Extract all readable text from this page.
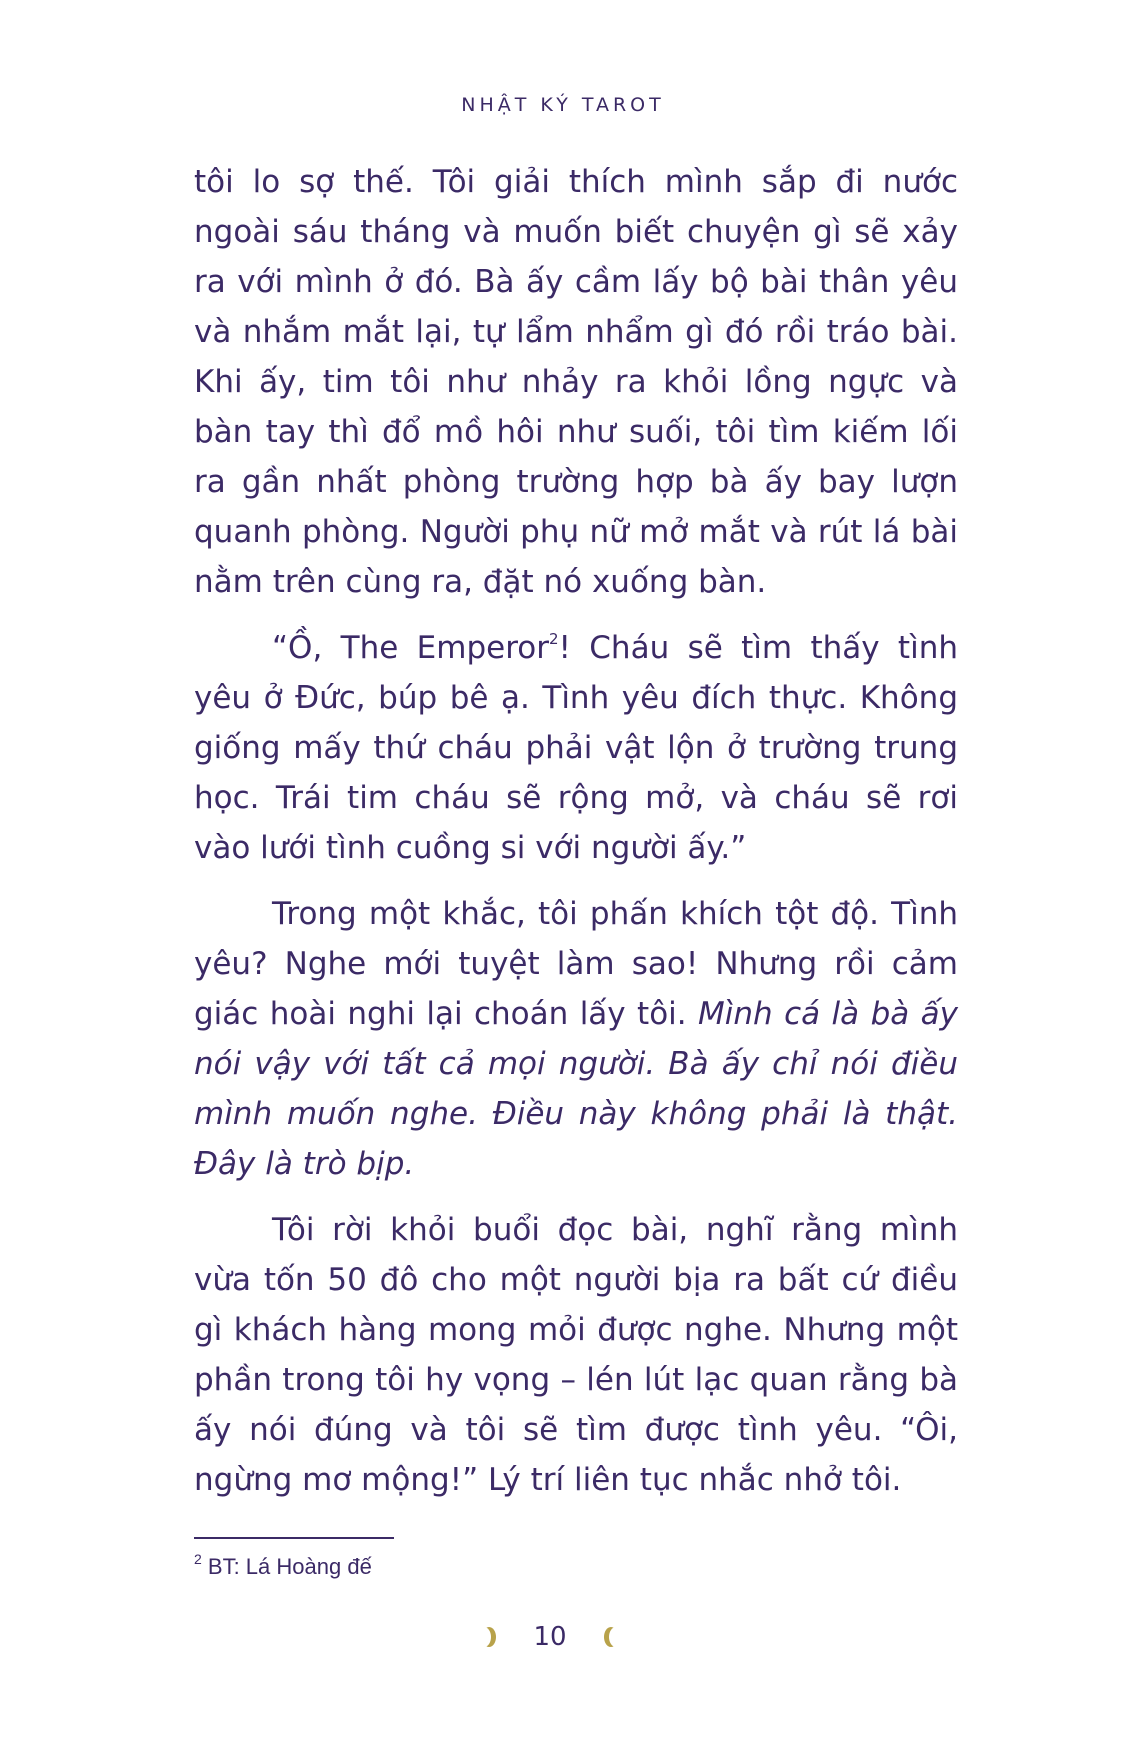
NHẬT KÝ TAROT

tôi lo sợ thế. Tôi giải thích mình sắp đi nước ngoài sáu tháng và muốn biết chuyện gì sẽ xảy ra với mình ở đó. Bà ấy cầm lấy bộ bài thân yêu và nhắm mắt lại, tự lẩm nhẩm gì đó rồi tráo bài. Khi ấy, tim tôi như nhảy ra khỏi lồng ngực và bàn tay thì đổ mồ hôi như suối, tôi tìm kiếm lối ra gần nhất phòng trường hợp bà ấy bay lượn quanh phòng. Người phụ nữ mở mắt và rút lá bài nằm trên cùng ra, đặt nó xuống bàn.

“Ồ, The Emperor$^2$! Cháu sẽ tìm thấy tình yêu ở Đức, búp bê ạ. Tình yêu đích thực. Không giống mấy thứ cháu phải vật lộn ở trường trung học. Trái tim cháu sẽ rộng mở, và cháu sẽ rơi vào lưới tình cuồng si với người ấy.”

Trong một khắc, tôi phấn khích tột độ. Tình yêu? Nghe mới tuyệt làm sao! Nhưng rồi cảm giác hoài nghi lại choán lấy tôi. Mình cá là bà ấy nói vậy với tất cả mọi người. Bà ấy chỉ nói điều mình muốn nghe. Điều này không phải là thật. Đây là trò bịp.

Tôi rời khỏi buổi đọc bài, nghĩ rằng mình vừa tốn 50 đô cho một người bịa ra bất cứ điều gì khách hàng mong mỏi được nghe. Nhưng một phần trong tôi hy vọng – lén lút lạc quan rằng bà ấy nói đúng và tôi sẽ tìm được tình yêu. “Ôi, ngừng mơ mộng!” Lý trí liên tục nhắc nhở tôi.

$^2$ BT: Lá Hoàng đế
10
